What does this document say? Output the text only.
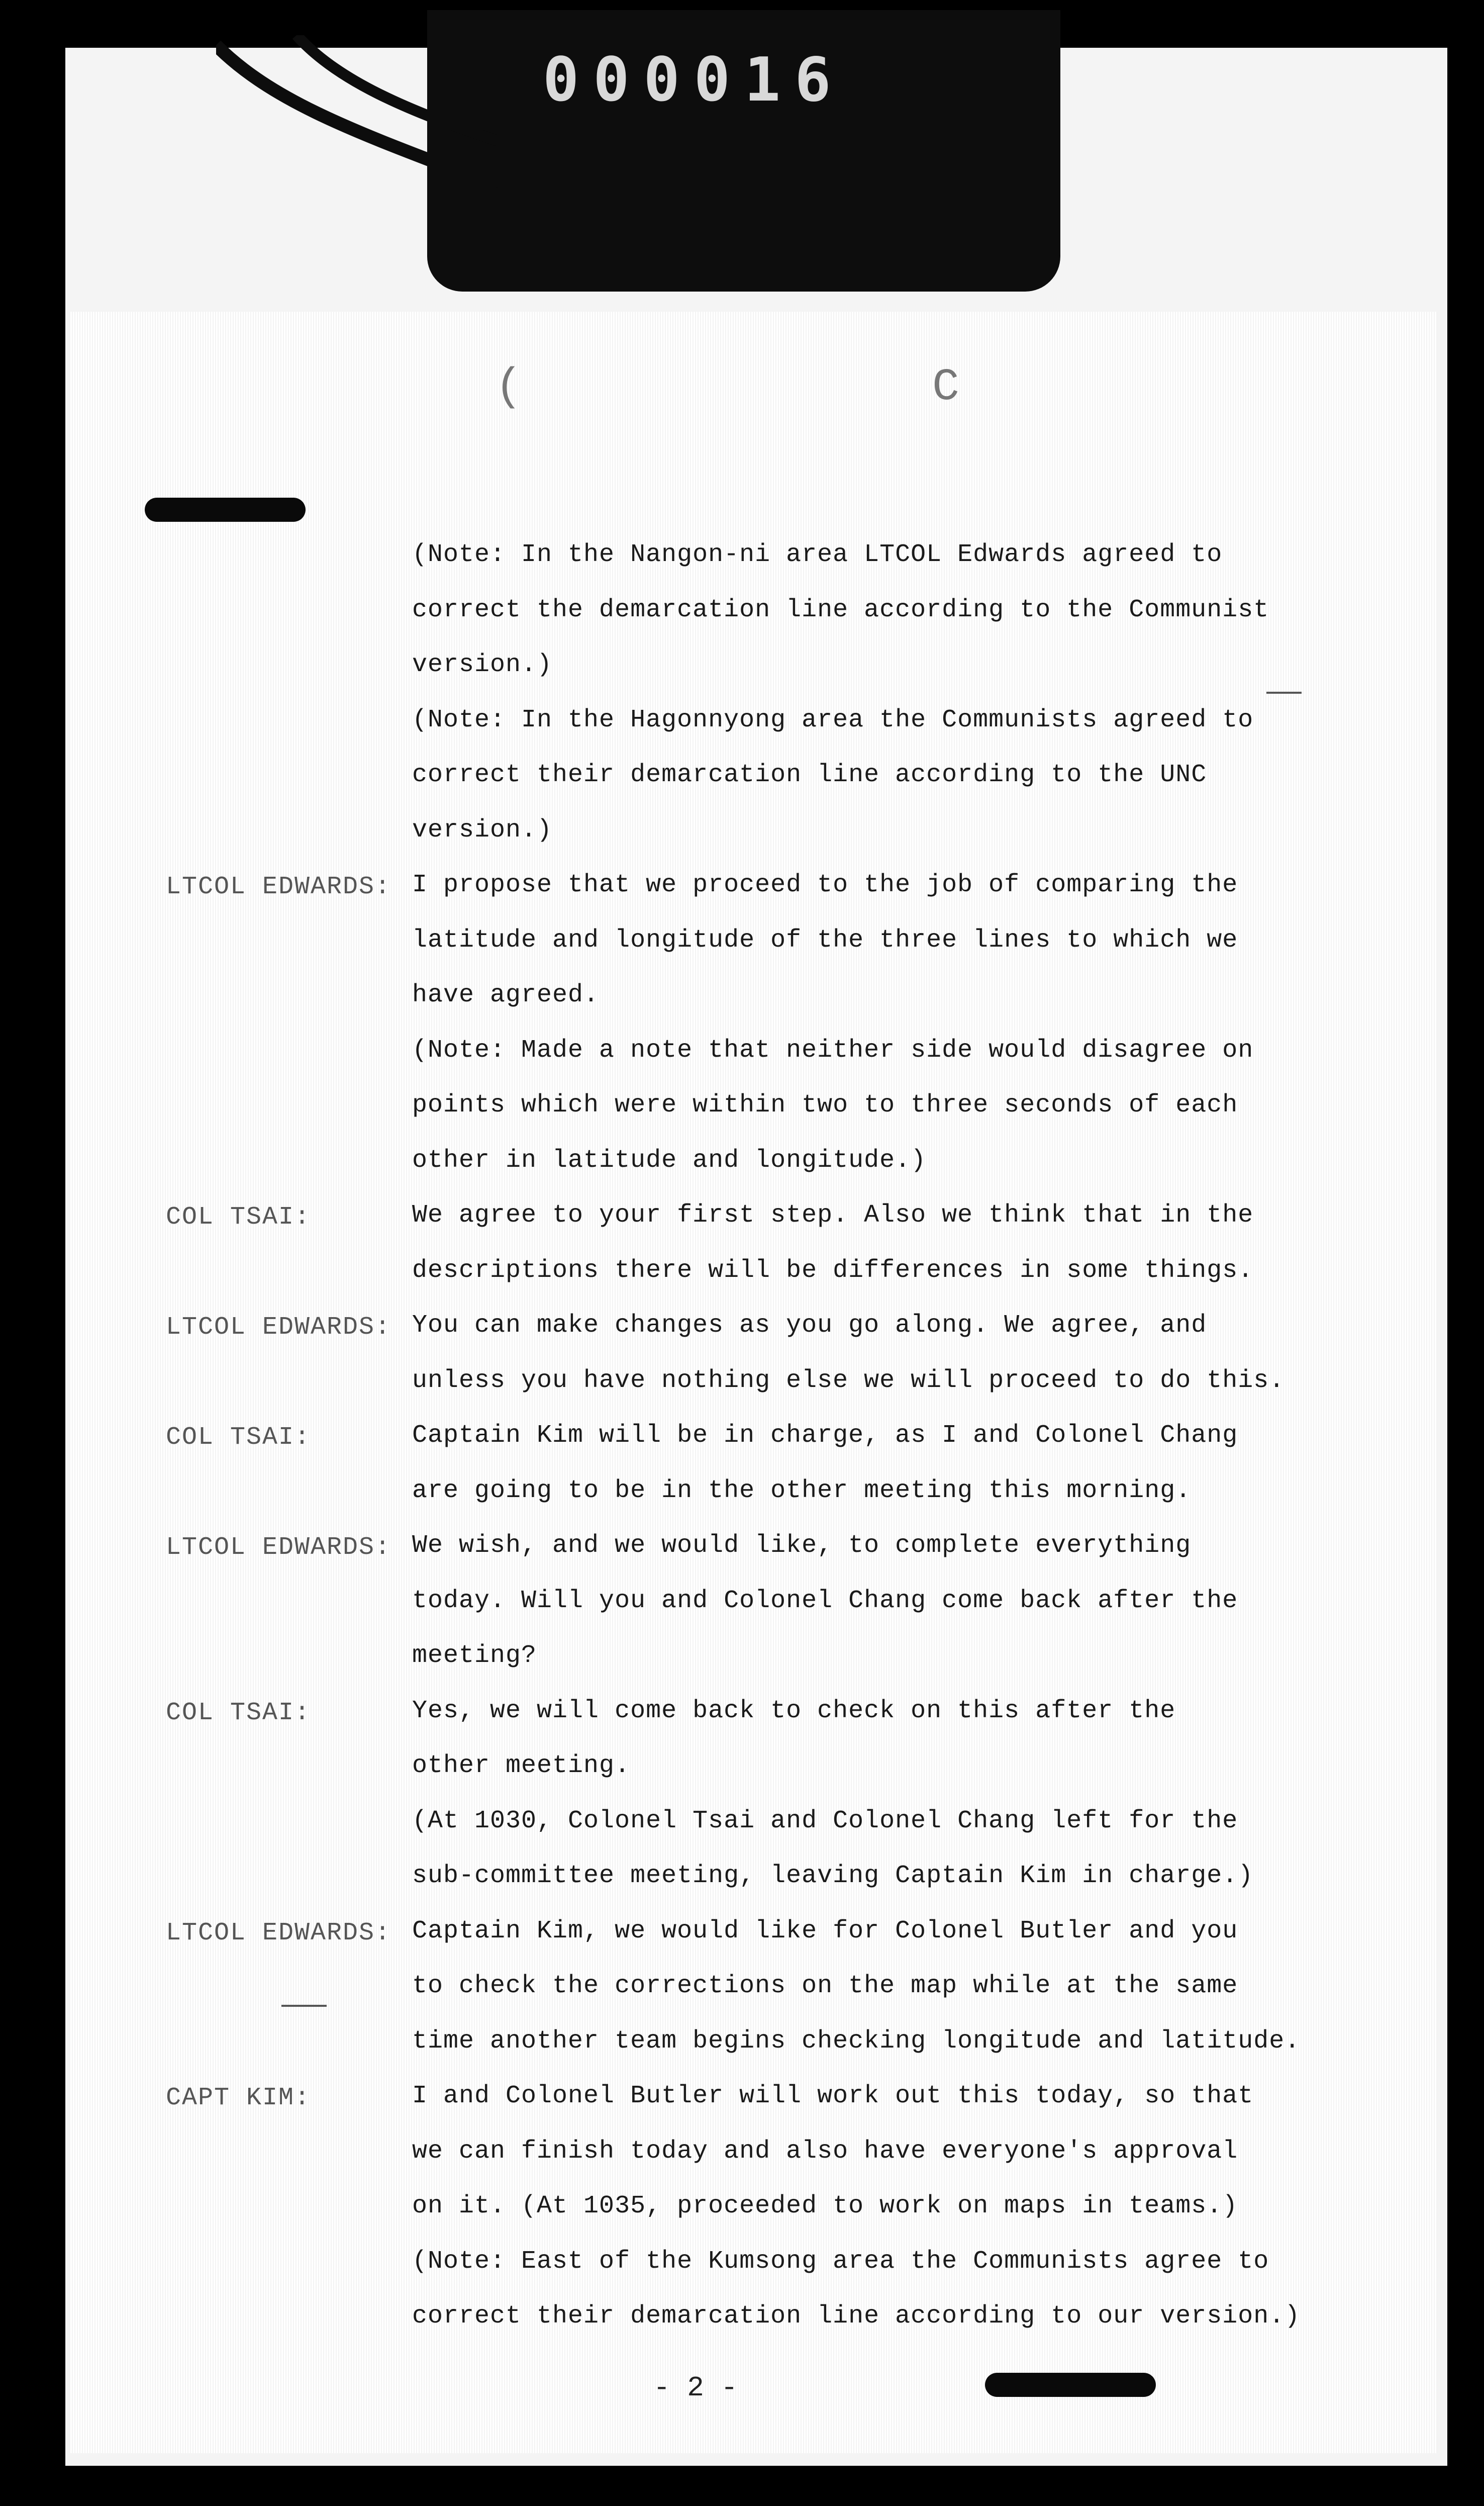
000016
(	C
(Note: In the Nangon-ni area LTCOL Edwards agreed to
correct the demarcation line according to the Communist
version.)
(Note: In the Hagonnyong area the Communists agreed to
correct their demarcation line according to the UNC
version.)
LTCOL EDWARDS: I propose that we proceed to the job of comparing the
latitude and longitude of the three lines to which we
have agreed.
(Note: Made a note that neither side would disagree on
points which were within two to three seconds of each
other in latitude and longitude.)
COL TSAI:	We agree to your first step. Also we think that in the
descriptions there will be differences in some things.
LTCOL EDWARDS: You can make changes as you go along. We agree, and
unless you have nothing else we will proceed to do this.
COL TSAI:	Captain Kim will be in charge, as I and Colonel Chang
are going to be in the other meeting this morning.
LTCOL EDWARDS: We wish, and we would like, to complete everything
today. Will you and Colonel Chang come back after the
meeting?
COL TSAI:	Yes, we will come back to check on this after the
other meeting.
(At 1030, Colonel Tsai and Colonel Chang left for the
sub-committee meeting, leaving Captain Kim in charge.)
LTCOL EDWARDS: Captain Kim, we would like for Colonel Butler and you
to check the corrections on the map while at the same
time another team begins checking longitude and latitude.
CAPT KIM:	I and Colonel Butler will work out this today, so that
we can finish today and also have everyone's approval
on it. (At 1035, proceeded to work on maps in teams.)
(Note: East of the Kumsong area the Communists agree to
correct their demarcation line according to our version.)
- 2 -
